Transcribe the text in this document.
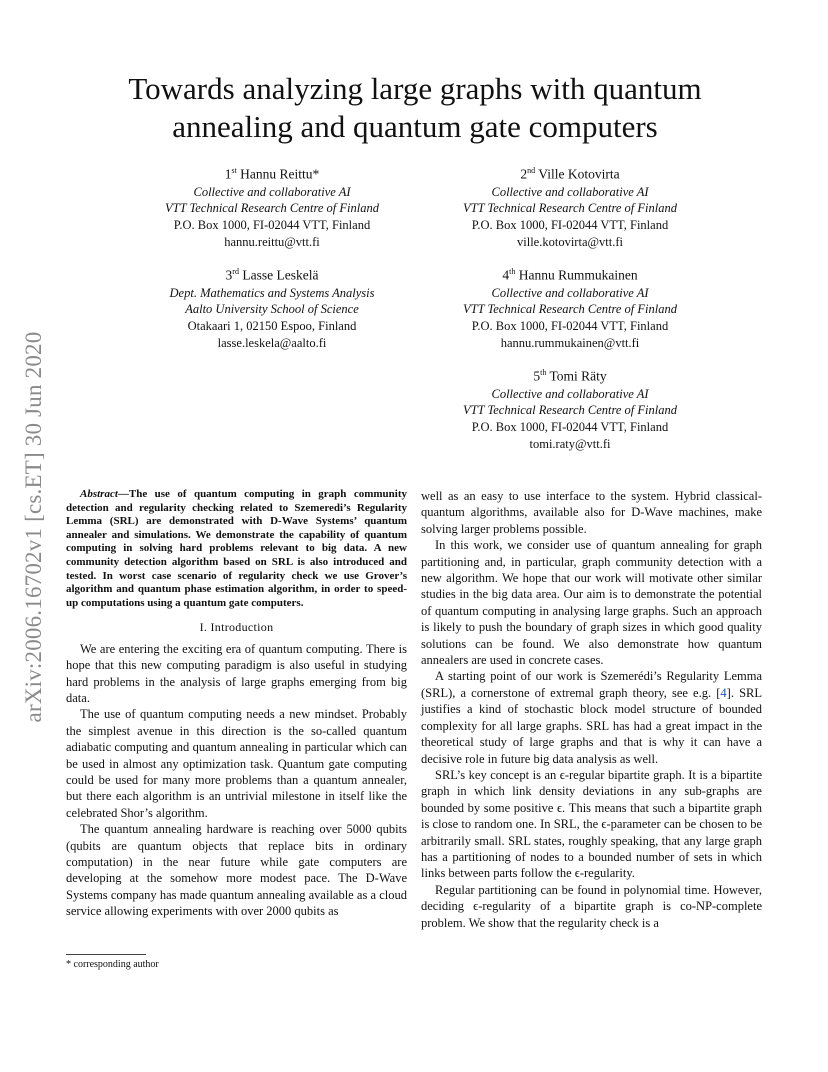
arXiv:2006.16702v1 [cs.ET] 30 Jun 2020
Towards analyzing large graphs with quantum annealing and quantum gate computers
1st Hannu Reittu*
Collective and collaborative AI
VTT Technical Research Centre of Finland
P.O. Box 1000, FI-02044 VTT, Finland
hannu.reittu@vtt.fi
2nd Ville Kotovirta
Collective and collaborative AI
VTT Technical Research Centre of Finland
P.O. Box 1000, FI-02044 VTT, Finland
ville.kotovirta@vtt.fi
3rd Lasse Leskelä
Dept. Mathematics and Systems Analysis
Aalto University School of Science
Otakaari 1, 02150 Espoo, Finland
lasse.leskela@aalto.fi
4th Hannu Rummukainen
Collective and collaborative AI
VTT Technical Research Centre of Finland
P.O. Box 1000, FI-02044 VTT, Finland
hannu.rummukainen@vtt.fi
5th Tomi Räty
Collective and collaborative AI
VTT Technical Research Centre of Finland
P.O. Box 1000, FI-02044 VTT, Finland
tomi.raty@vtt.fi

Abstract—The use of quantum computing in graph community detection and regularity checking related to Szemeredi’s Regularity Lemma (SRL) are demonstrated with D-Wave Systems’ quantum annealer and simulations. We demonstrate the capability of quantum computing in solving hard problems relevant to big data. A new community detection algorithm based on SRL is also introduced and tested. In worst case scenario of regularity check we use Grover’s algorithm and quantum phase estimation algorithm, in order to speed-up computations using a quantum gate computers.

I. Introduction

We are entering the exciting era of quantum computing. There is hope that this new computing paradigm is also useful in studying hard problems in the analysis of large graphs emerging from big data.

The use of quantum computing needs a new mindset. Probably the simplest avenue in this direction is the so-called quantum adiabatic computing and quantum annealing in particular which can be used in almost any optimization task. Quantum gate computing could be used for many more problems than a quantum annealer, but there each algorithm is an untrivial milestone in itself like the celebrated Shor’s algorithm.

The quantum annealing hardware is reaching over 5000 qubits (qubits are quantum objects that replace bits in ordinary computation) in the near future while gate computers are developing at the somehow more modest pace. The D-Wave Systems company has made quantum annealing available as a cloud service allowing experiments with over 2000 qubits as

* corresponding author

well as an easy to use interface to the system. Hybrid classical-quantum algorithms, available also for D-Wave machines, make solving larger problems possible.

In this work, we consider use of quantum annealing for graph partitioning and, in particular, graph community detection with a new algorithm. We hope that our work will motivate other similar studies in the big data area. Our aim is to demonstrate the potential of quantum computing in analysing large graphs. Such an approach is likely to push the boundary of graph sizes in which good quality solutions can be found. We also demonstrate how quantum annealers are used in concrete cases.

A starting point of our work is Szemerédi’s Regularity Lemma (SRL), a cornerstone of extremal graph theory, see e.g. [4]. SRL justifies a kind of stochastic block model structure of bounded complexity for all large graphs. SRL has had a great impact in the theoretical study of large graphs and that is why it can have a decisive role in future big data analysis as well.

SRL’s key concept is an ϵ-regular bipartite graph. It is a bipartite graph in which link density deviations in any sub-graphs are bounded by some positive ϵ. This means that such a bipartite graph is close to random one. In SRL, the ϵ-parameter can be chosen to be arbitrarily small. SRL states, roughly speaking, that any large graph has a partitioning of nodes to a bounded number of sets in which links between parts follow the ϵ-regularity.

Regular partitioning can be found in polynomial time. However, deciding ϵ-regularity of a bipartite graph is co-NP-complete problem. We show that the regularity check is a
